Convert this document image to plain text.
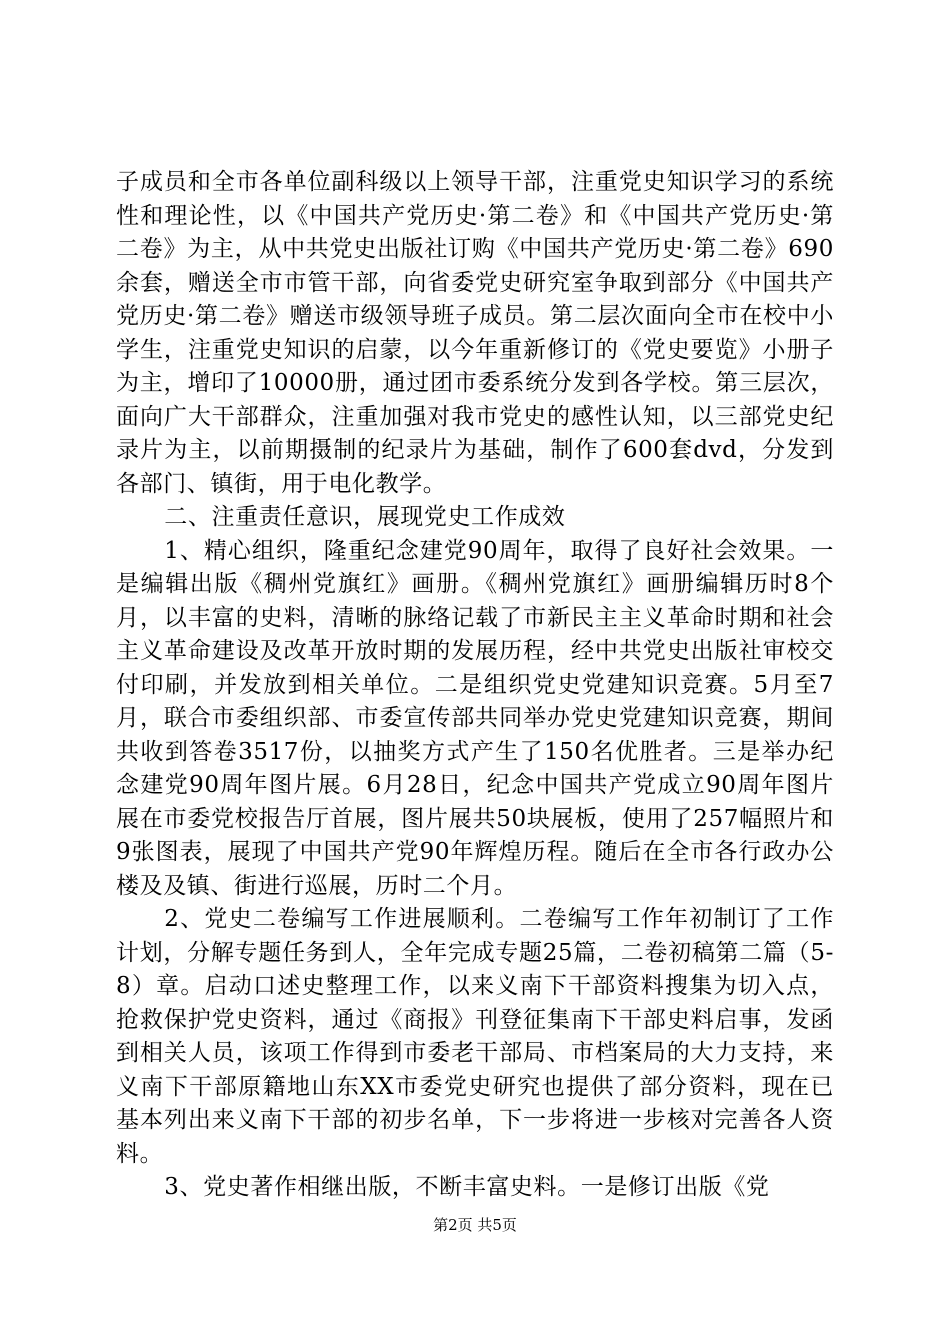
子成员和全市各单位副科级以上领导干部，注重党史知识学习的系统性和理论性，以《中国共产党历史·第二卷》和《中国共产党历史·第二卷》为主，从中共党史出版社订购《中国共产党历史·第二卷》690余套，赠送全市市管干部，向省委党史研究室争取到部分《中国共产党历史·第二卷》赠送市级领导班子成员。第二层次面向全市在校中小学生，注重党史知识的启蒙，以今年重新修订的《党史要览》小册子为主，增印了10000册，通过团市委系统分发到各学校。第三层次，面向广大干部群众，注重加强对我市党史的感性认知，以三部党史纪录片为主，以前期摄制的纪录片为基础，制作了600套dvd，分发到各部门、镇街，用于电化教学。

二、注重责任意识，展现党史工作成效

1、精心组织，隆重纪念建党90周年，取得了良好社会效果。一是编辑出版《稠州党旗红》画册。《稠州党旗红》画册编辑历时8个月，以丰富的史料，清晰的脉络记载了市新民主主义革命时期和社会主义革命建设及改革开放时期的发展历程，经中共党史出版社审校交付印刷，并发放到相关单位。二是组织党史党建知识竞赛。5月至7月，联合市委组织部、市委宣传部共同举办党史党建知识竞赛，期间共收到答卷3517份，以抽奖方式产生了150名优胜者。三是举办纪念建党90周年图片展。6月28日，纪念中国共产党成立90周年图片展在市委党校报告厅首展，图片展共50块展板，使用了257幅照片和9张图表，展现了中国共产党90年辉煌历程。随后在全市各行政办公楼及及镇、街进行巡展，历时二个月。

2、党史二卷编写工作进展顺利。二卷编写工作年初制订了工作计划，分解专题任务到人，全年完成专题25篇，二卷初稿第二篇（5-8）章。启动口述史整理工作，以来义南下干部资料搜集为切入点，抢救保护党史资料，通过《商报》刊登征集南下干部史料启事，发函到相关人员，该项工作得到市委老干部局、市档案局的大力支持，来义南下干部原籍地山东XX市委党史研究也提供了部分资料，现在已基本列出来义南下干部的初步名单，下一步将进一步核对完善各人资料。

3、党史著作相继出版，不断丰富史料。一是修订出版《党

第2页 共5页
